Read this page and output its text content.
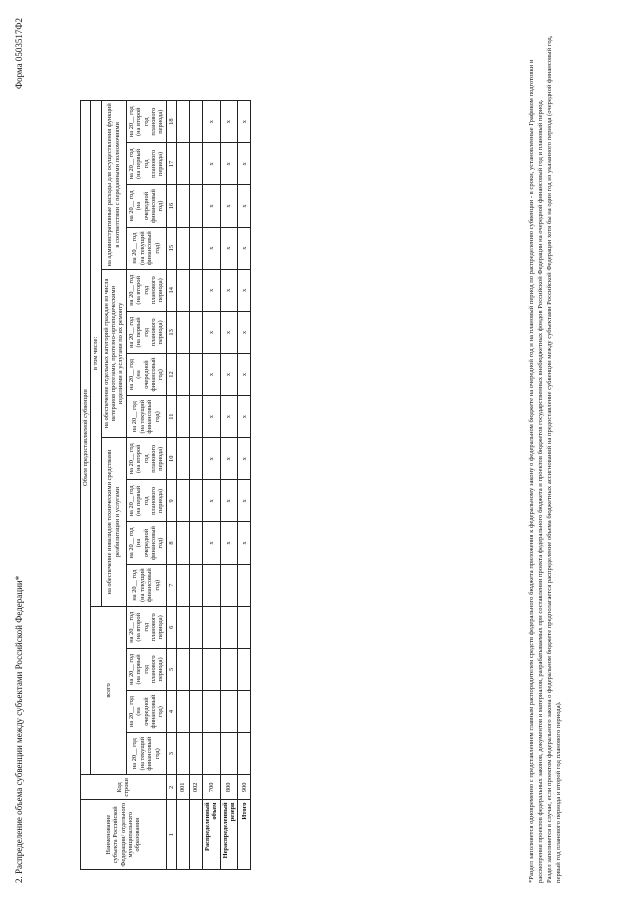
2. Распределение объема субвенции между субъектами Российской Федерации*
Форма 0503517Ф2
Наименование субъекта Российской Федерации/ отдельного муниципального образования	Код строки	Объем предоставляемой субвенции															
		всего				в том числе:											
						на обеспечение инвалидов техническими средствами реабилитации и услугами				на обеспечение отдельных категорий граждан из числа ветеранов протезами, протезно-ортопедическими изделиями и услугами по их ремонту				на административные расходы для осуществления функций в соответствии с переданными полномочиями			
		на 20__ год (на текущий финансовый год)	на 20__ год (на очередной финансовый год)	на 20__ год (на первый год планового периода)	на 20__ год (на второй год планового периода)	на 20__ год (на текущий финансовый год)	на 20__ год (на очередной финансовый год)	на 20__ год (на первый год планового периода)	на 20__ год (на второй год планового периода)	на 20__ год (на текущий финансовый год)	на 20__ год (на очередной финансовый год)	на 20__ год (на первый год планового периода)	на 20__ год (на второй год планового периода)	на 20__ год (на текущий финансовый год)	на 20__ год (на очередной финансовый год)	на 20__ год (на первый год планового периода)	на 20__ год (на второй год планового периода)
1	2	3	4	5	6	7	8	9	10	11	12	13	14	15	16	17	18
	001																
	002																
Распределенный объем	700						x	x	x	x	x	x	x	x	x	x	x
Нераспределенный резерв	800						x	x	x	x	x	x	x	x	x	x	x
Итого	900						x	x	x	x	x	x	x	x	x	x	x	*Раздел заполняется одновременно с представлением главным распорядителем средств федерального бюджета приложения к федеральному закону о федеральном бюджете на очередной год и на плановый период по распределению субвенции - в сроки, установленные Графиком подготовки и рассмотрения проектов федеральных законов, документов и материалов, разрабатываемых при составлении проекта федерального бюджета и проектов бюджетов государственных внебюджетных фондов Российской Федерации на очередной финансовый год и плановый период. Раздел заполняется в случае, если проектом федерального закона о федеральном бюджете предполагается распределение объема бюджетных ассигнований на предоставление субвенции между субъектами Российской Федерации хотя бы на один год из указанного периода (очередной финансовый год, первый год планового периода и второй год планового периода).
